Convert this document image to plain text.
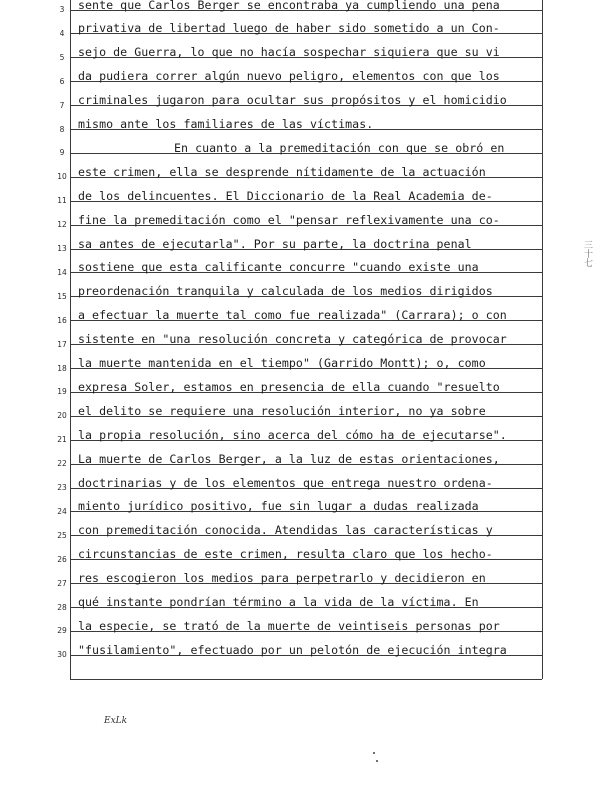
3
4
5
6
7
8
9
10
11
12
13
14
15
16
17
18
19
20
21
22
23
24
25
26
27
28
29
30
sente que Carlos Berger se encontraba ya cumpliendo una pena
privativa de libertad luego de haber sido sometido a un Con-
sejo de Guerra, lo que no hacía sospechar siquiera que su vi
da pudiera correr algún nuevo peligro, elementos con que los
criminales jugaron para ocultar sus propósitos y el homicidio
mismo ante los familiares de las víctimas.
En cuanto a la premeditación con que se obró en
este crimen, ella se desprende nítidamente de la actuación
de los delincuentes. El Diccionario de la Real Academia de-
fine la premeditación como el "pensar reflexivamente una co-
sa antes de ejecutarla". Por su parte, la doctrina penal
sostiene que esta calificante concurre "cuando existe una
preordenación tranquila y calculada de los medios dirigidos
a efectuar la muerte tal como fue realizada" (Carrara); o con
sistente en "una resolución concreta y categórica de provocar
la muerte mantenida en el tiempo" (Garrido Montt); o, como
expresa Soler, estamos en presencia de ella cuando "resuelto
el delito se requiere una resolución interior, no ya sobre
la propia resolución, sino acerca del cómo ha de ejecutarse".
La muerte de Carlos Berger, a la luz de estas orientaciones,
doctrinarias y de los elementos que entrega nuestro ordena-
miento jurídico positivo, fue sin lugar a dudas realizada
con premeditación conocida. Atendidas las características y
circunstancias de este crimen, resulta claro que los hecho-
res escogieron los medios para perpetrarlo y decidieron en
qué instante pondrían término a la vida de la víctima. En
la especie, se trató de la muerte de veintiseis personas por
"fusilamiento", efectuado por un pelotón de ejecución integra
三十七
ExLk
